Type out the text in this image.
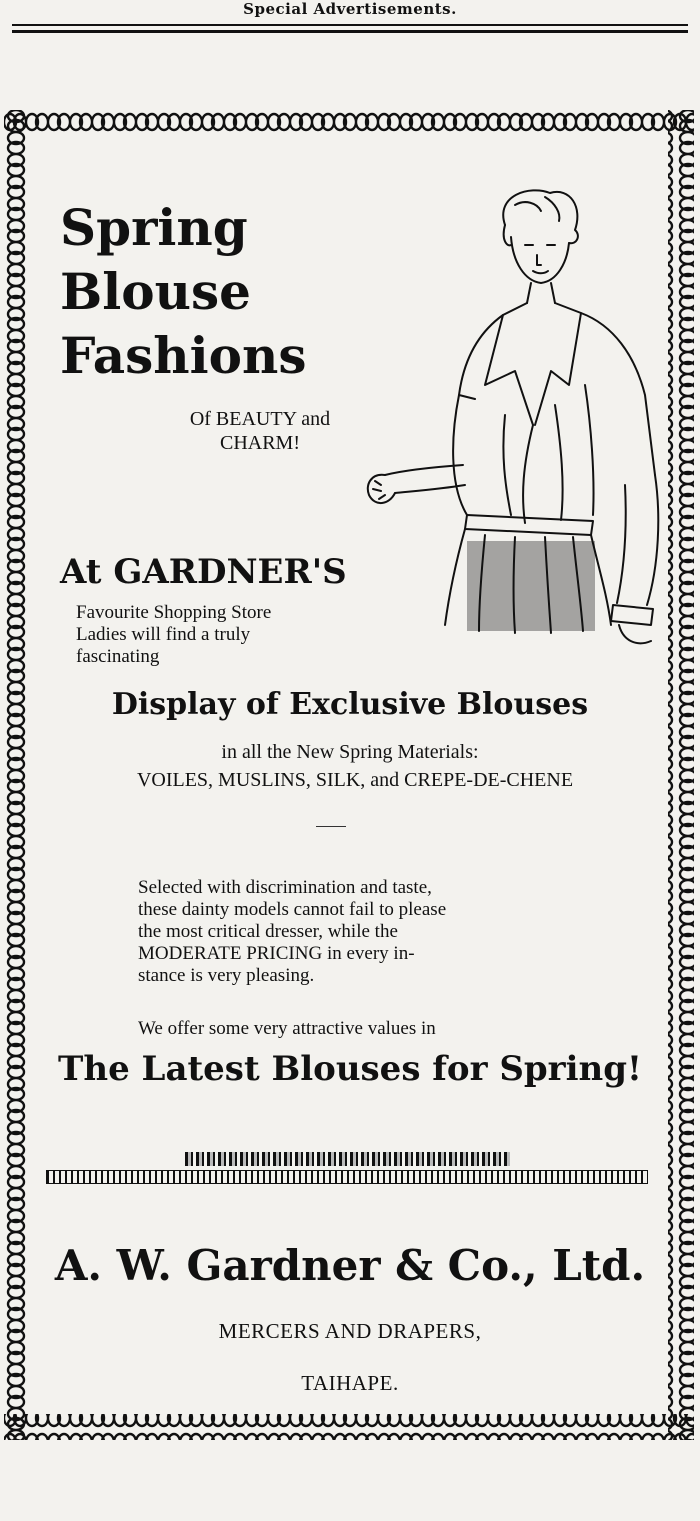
Special Advertisements.
Spring
Blouse
Fashions
Of BEAUTY and
CHARM!
At GARDNER'S
Favourite Shopping Store
Ladies will find a truly
fascinating
Display of Exclusive Blouses
in all the New Spring Materials:
VOILES, MUSLINS, SILK, and CREPE-DE-CHENE
Selected with discrimination and taste,
these dainty models cannot fail to please
the most critical dresser, while the
MODERATE PRICING in every in-
stance is very pleasing.
We offer some very attractive values in
The Latest Blouses for Spring!
A. W. Gardner & Co., Ltd.
MERCERS AND DRAPERS,
TAIHAPE.
